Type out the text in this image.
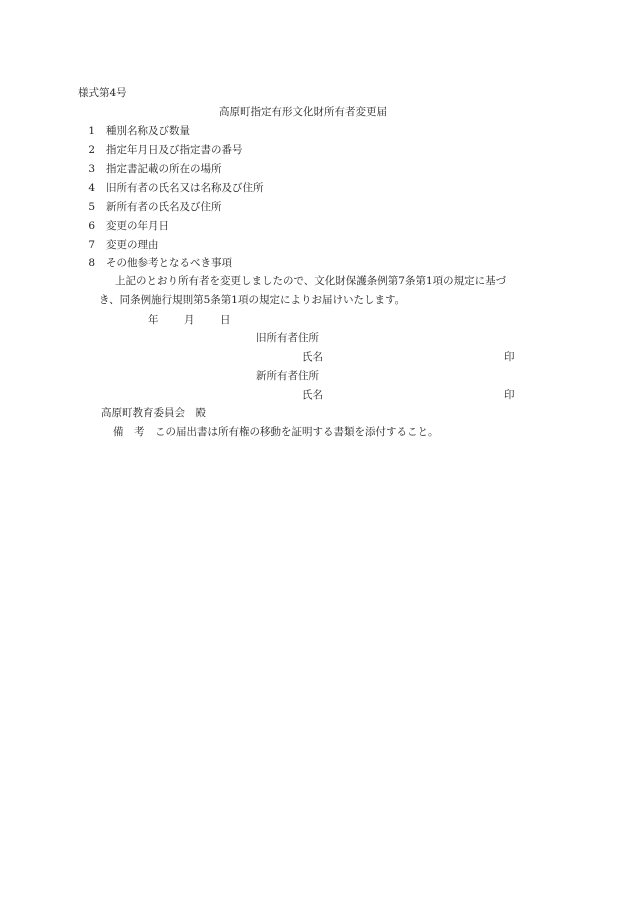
様式第4号
高原町指定有形文化財所有者変更届
1 種別名称及び数量
2 指定年月日及び指定書の番号
3 指定書記載の所在の場所
4 旧所有者の氏名又は名称及び住所
5 新所有者の氏名及び住所
6 変更の年月日
7 変更の理由
8 その他参考となるべき事項
上記のとおり所有者を変更しましたので、文化財保護条例第7条第1項の規定に基づ
き、同条例施行規則第5条第1項の規定によりお届けいたします。
年 月 日
旧所有者住所
氏名	印
新所有者住所
氏名	印
高原町教育委員会　殿
備　考　この届出書は所有権の移動を証明する書類を添付すること。
